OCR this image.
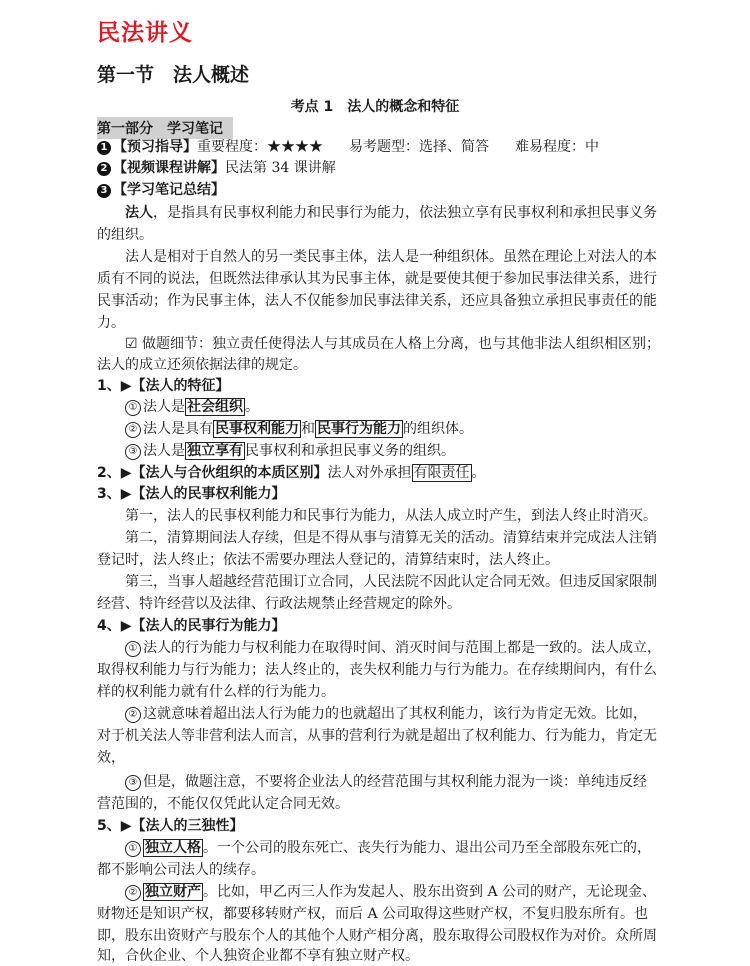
民法讲义
第一节　法人概述
考点 1　法人的概念和特征
第一部分　学习笔记
1 【预习指导】重要程度：★★★★ 易考题型：选择、简答 难易程度：中
2 【视频课程讲解】民法第 34 课讲解
3 【学习笔记总结】
法人，是指具有民事权利能力和民事行为能力，依法独立享有民事权利和承担民事义务
的组织。
法人是相对于自然人的另一类民事主体，法人是一种组织体。虽然在理论上对法人的本
质有不同的说法，但既然法律承认其为民事主体，就是要使其便于参加民事法律关系，进行
民事活动；作为民事主体，法人不仅能参加民事法律关系，还应具备独立承担民事责任的能
力。
☑ 做题细节：独立责任使得法人与其成员在人格上分离，也与其他非法人组织相区别；
法人的成立还须依据法律的规定。
1、▶【法人的特征】
① 法人是 社会组织 。
② 法人是具有 民事权利能力 和 民事行为能力 的组织体。
③ 法人是 独立享有 民事权利和承担民事义务的组织。
2、▶【法人与合伙组织的本质区别】法人对外承担 有限责任 。
3、▶【法人的民事权利能力】
第一，法人的民事权利能力和民事行为能力，从法人成立时产生，到法人终止时消灭。
第二，清算期间法人存续，但是不得从事与清算无关的活动。清算结束并完成法人注销
登记时，法人终止；依法不需要办理法人登记的，清算结束时，法人终止。
第三，当事人超越经营范围订立合同，人民法院不因此认定合同无效。但违反国家限制
经营、特许经营以及法律、行政法规禁止经营规定的除外。
4、▶【法人的民事行为能力】
① 法人的行为能力与权利能力在取得时间、消灭时间与范围上都是一致的。法人成立，
取得权利能力与行为能力；法人终止的，丧失权利能力与行为能力。在存续期间内，有什么
样的权利能力就有什么样的行为能力。
② 这就意味着超出法人行为能力的也就超出了其权利能力，该行为肯定无效。比如，
对于机关法人等非营利法人而言，从事的营利行为就是超出了权利能力、行为能力，肯定无
效，
③ 但是，做题注意，不要将企业法人的经营范围与其权利能力混为一谈：单纯违反经
营范围的，不能仅仅凭此认定合同无效。
5、▶【法人的三独性】
① 独立人格 。一个公司的股东死亡、丧失行为能力、退出公司乃至全部股东死亡的，
都不影响公司法人的续存。
② 独立财产 。比如，甲乙丙三人作为发起人、股东出资到 A 公司的财产，无论现金、
财物还是知识产权，都要移转财产权，而后 A 公司取得这些财产权，不复归股东所有。也
即，股东出资财产与股东个人的其他个人财产相分离，股东取得公司股权作为对价。众所周
知，合伙企业、个人独资企业都不享有独立财产权。
